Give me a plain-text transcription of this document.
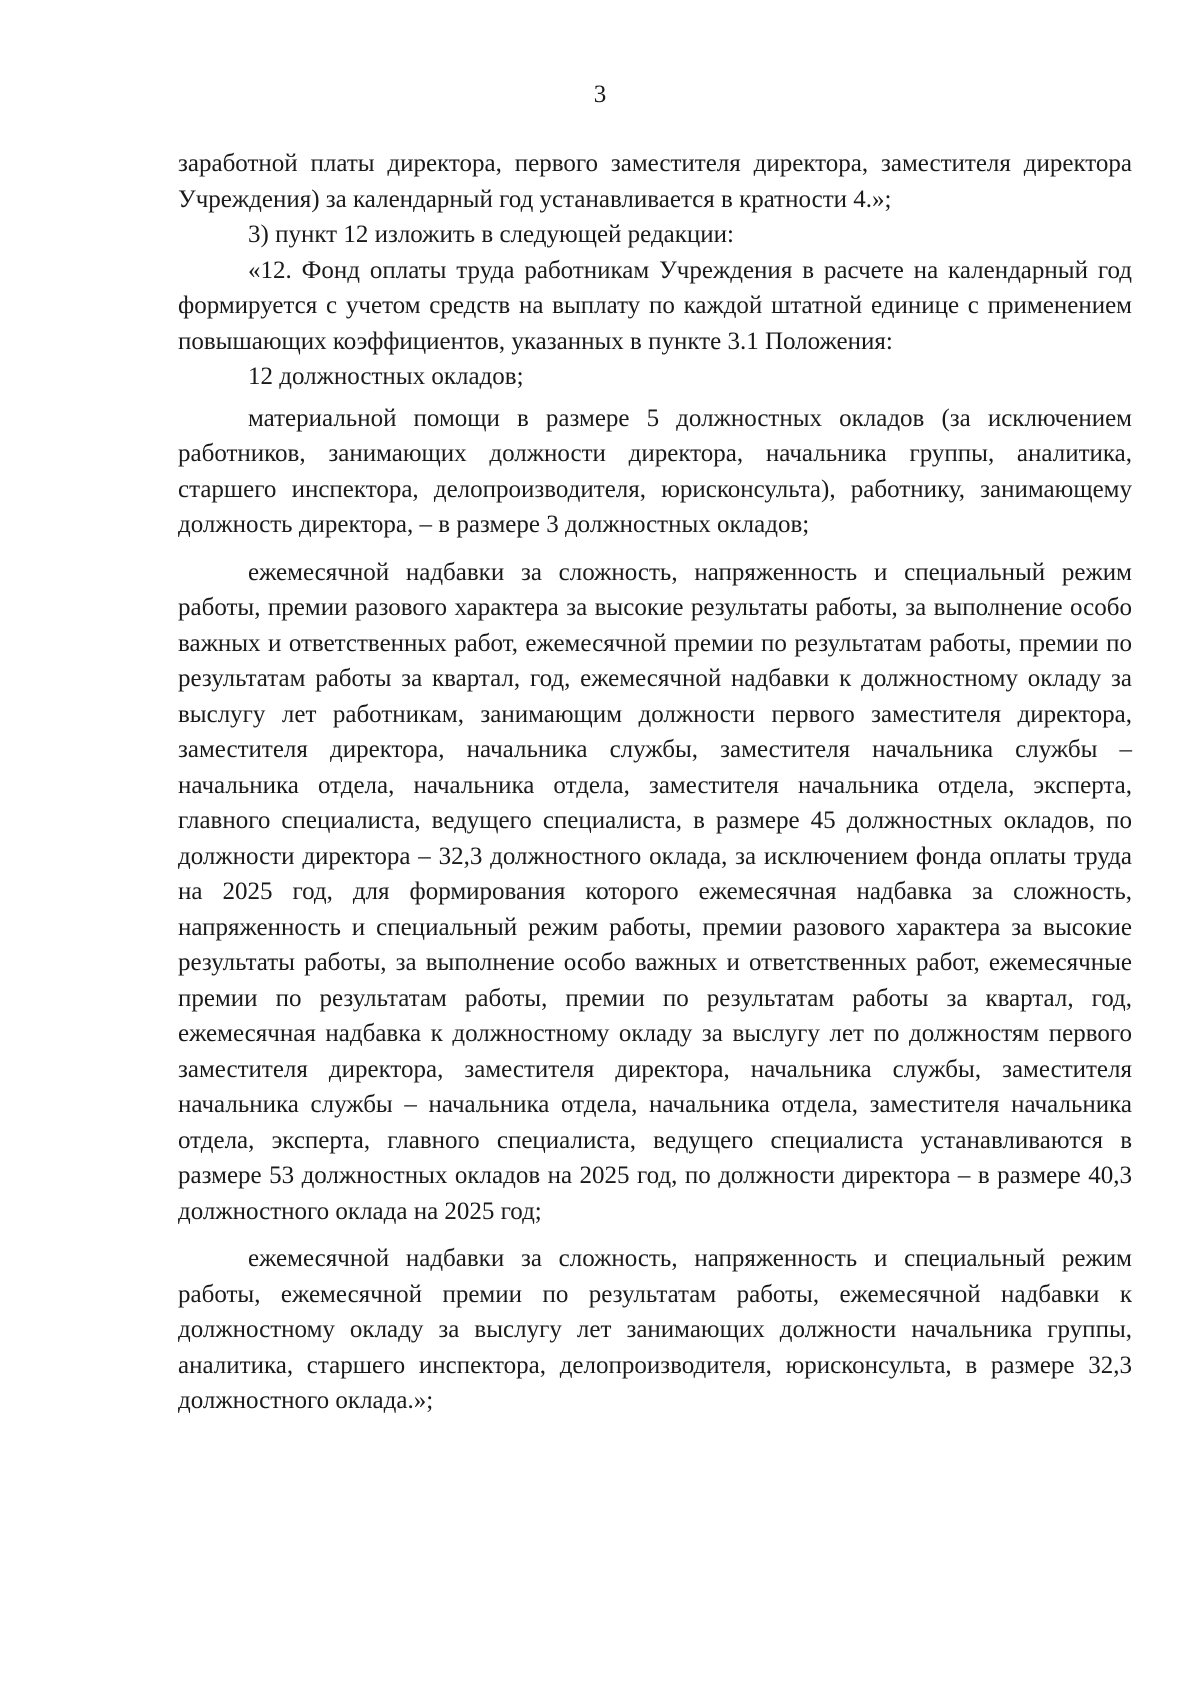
3

заработной платы директора, первого заместителя директора, заместителя директора Учреждения) за календарный год устанавливается в кратности 4.»;

3) пункт 12 изложить в следующей редакции:

«12. Фонд оплаты труда работникам Учреждения в расчете на календарный год формируется с учетом средств на выплату по каждой штатной единице с применением повышающих коэффициентов, указанных в пункте 3.1 Положения:

12 должностных окладов;

материальной помощи в размере 5 должностных окладов (за исключением работников, занимающих должности директора, начальника группы, аналитика, старшего инспектора, делопроизводителя, юрисконсульта), работнику, занимающему должность директора, – в размере 3 должностных окладов;

ежемесячной надбавки за сложность, напряженность и специальный режим работы, премии разового характера за высокие результаты работы, за выполнение особо важных и ответственных работ, ежемесячной премии по результатам работы, премии по результатам работы за квартал, год, ежемесячной надбавки к должностному окладу за выслугу лет работникам, занимающим должности первого заместителя директора, заместителя директора, начальника службы, заместителя начальника службы – начальника отдела, начальника отдела, заместителя начальника отдела, эксперта, главного специалиста, ведущего специалиста, в размере 45 должностных окладов, по должности директора – 32,3 должностного оклада, за исключением фонда оплаты труда на 2025 год, для формирования которого ежемесячная надбавка за сложность, напряженность и специальный режим работы, премии разового характера за высокие результаты работы, за выполнение особо важных и ответственных работ, ежемесячные премии по результатам работы, премии по результатам работы за квартал, год, ежемесячная надбавка к должностному окладу за выслугу лет по должностям первого заместителя директора, заместителя директора, начальника службы, заместителя начальника службы – начальника отдела, начальника отдела, заместителя начальника отдела, эксперта, главного специалиста, ведущего специалиста устанавливаются в размере 53 должностных окладов на 2025 год, по должности директора – в размере 40,3 должностного оклада на 2025 год;

ежемесячной надбавки за сложность, напряженность и специальный режим работы, ежемесячной премии по результатам работы, ежемесячной надбавки к должностному окладу за выслугу лет занимающих должности начальника группы, аналитика, старшего инспектора, делопроизводителя, юрисконсульта, в размере 32,3 должностного оклада.»;
